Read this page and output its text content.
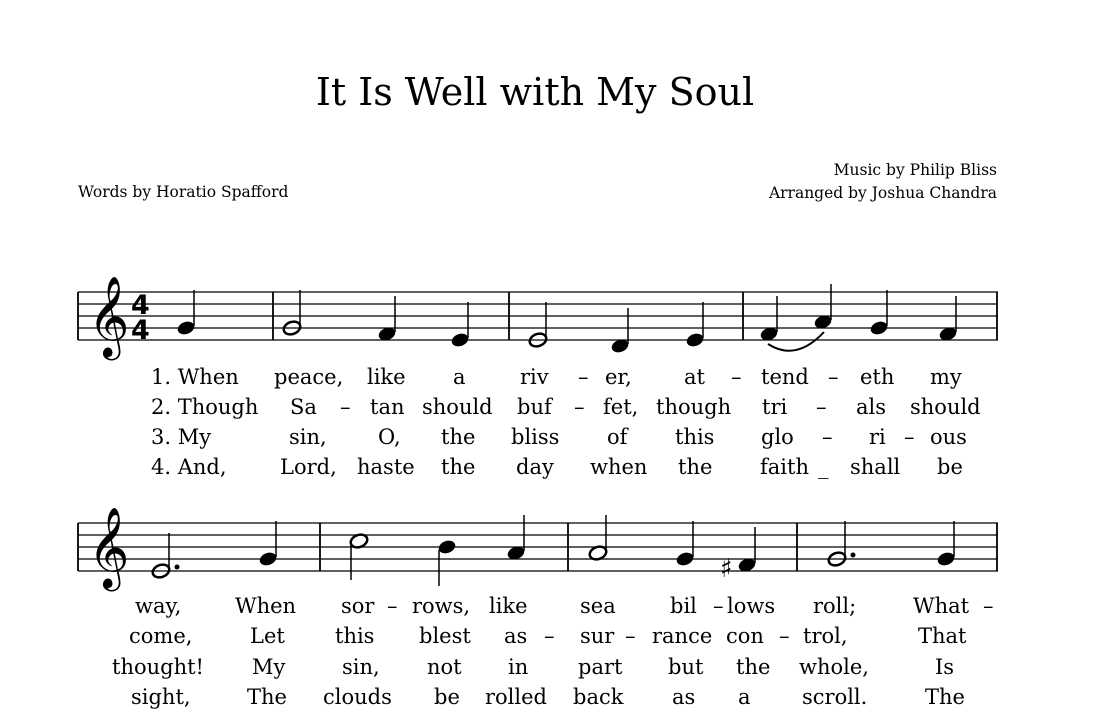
It Is Well with My Soul
Words by Horatio Spafford
Music by Philip Bliss
Arranged by Joshua Chandra
𝄞 4
4
1. When peace, like a	riv – er, at – tend – eth my
2. Though Sa – tan should buf – fet, though tri – als should
3. My	sin, O, the bliss of this glo – ri – ous
4. And,	Lord, haste the day when the faith _ shall be
𝄞	♯
way,	When sor – rows, like sea	bil – lows roll;	What –
come,	Let this blest as – sur – rance con – trol,	That
thought! My	sin, not in part but the whole,	Is
sight,	The clouds be rolled back as a scroll.	The
